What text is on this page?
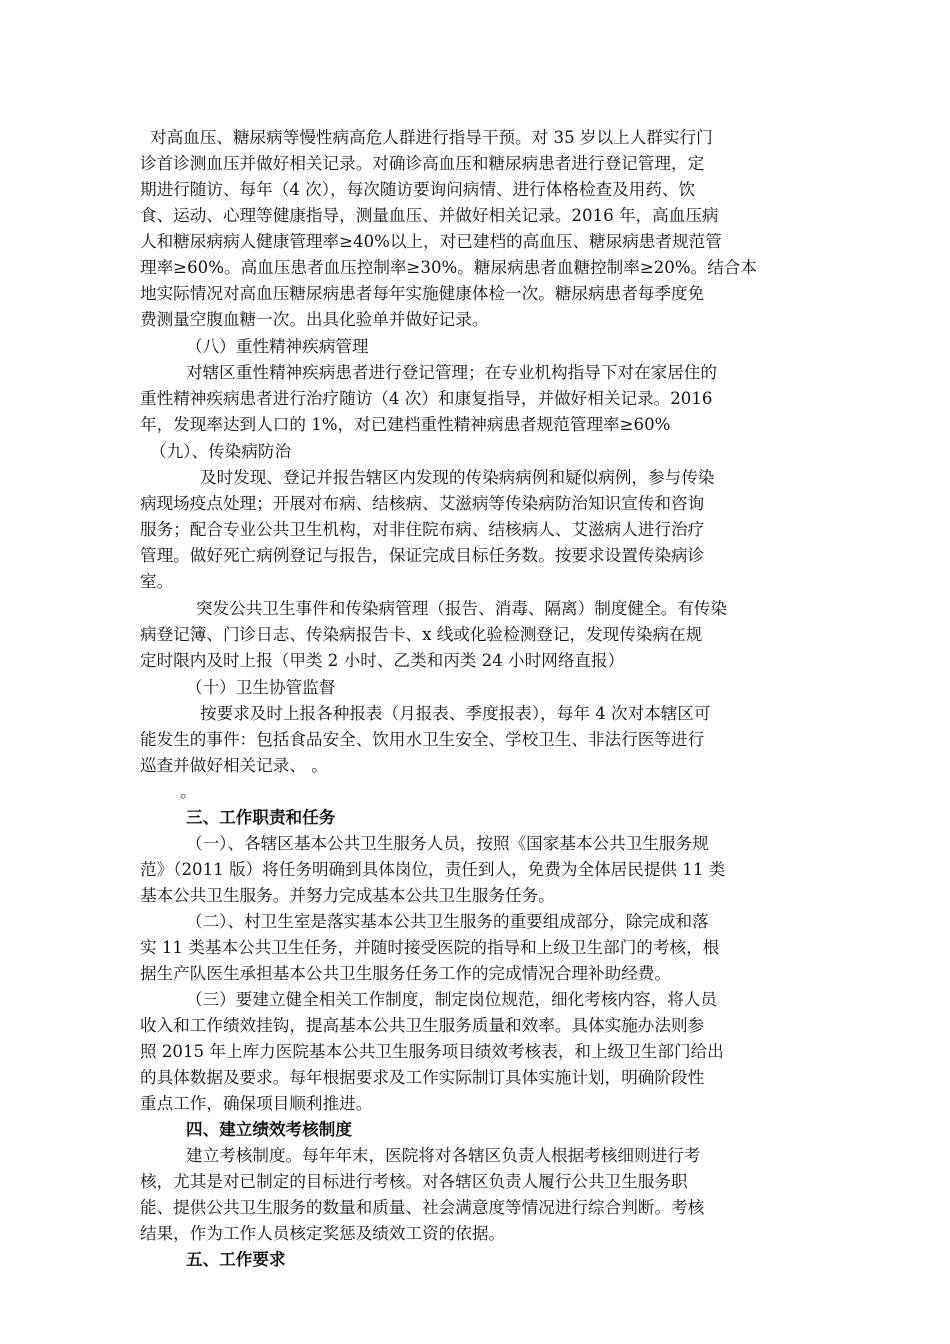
对高血压、糖尿病等慢性病高危人群进行指导干预。对 35 岁以上人群实行门
诊首诊测血压并做好相关记录。对确诊高血压和糖尿病患者进行登记管理，定
期进行随访、每年（4 次），每次随访要询问病情、进行体格检查及用药、饮
食、运动、心理等健康指导，测量血压、并做好相关记录。2016 年，高血压病
人和糖尿病病人健康管理率≥40%以上，对已建档的高血压、糖尿病患者规范管
理率≥60%。高血压患者血压控制率≥30%。糖尿病患者血糖控制率≥20%。结合本
地实际情况对高血压糖尿病患者每年实施健康体检一次。糖尿病患者每季度免
费测量空腹血糖一次。出具化验单并做好记录。
（八）重性精神疾病管理
对辖区重性精神疾病患者进行登记管理；在专业机构指导下对在家居住的
重性精神疾病患者进行治疗随访（4 次）和康复指导，并做好相关记录。2016
年，发现率达到人口的 1%，对已建档重性精神病患者规范管理率≥60%
（九）、传染病防治
及时发现、登记并报告辖区内发现的传染病病例和疑似病例，参与传染
病现场疫点处理；开展对布病、结核病、艾滋病等传染病防治知识宣传和咨询
服务；配合专业公共卫生机构，对非住院布病、结核病人、艾滋病人进行治疗
管理。做好死亡病例登记与报告，保证完成目标任务数。按要求设置传染病诊
室。
突发公共卫生事件和传染病管理（报告、消毒、隔离）制度健全。有传染
病登记簿、门诊日志、传染病报告卡、x 线或化验检测登记，发现传染病在规
定时限内及时上报（甲类 2 小时、乙类和丙类 24 小时网络直报）
（十）卫生协管监督
按要求及时上报各种报表（月报表、季度报表），每年 4 次对本辖区可
能发生的事件：包括食品安全、饮用水卫生安全、学校卫生、非法行医等进行
巡查并做好相关记录、 。
。
三、工作职责和任务
（一）、各辖区基本公共卫生服务人员，按照《国家基本公共卫生服务规
范》（2011 版）将任务明确到具体岗位，责任到人，免费为全体居民提供 11 类
基本公共卫生服务。并努力完成基本公共卫生服务任务。
（二）、村卫生室是落实基本公共卫生服务的重要组成部分，除完成和落
实 11 类基本公共卫生任务，并随时接受医院的指导和上级卫生部门的考核，根
据生产队医生承担基本公共卫生服务任务工作的完成情况合理补助经费。
（三）要建立健全相关工作制度，制定岗位规范，细化考核内容，将人员
收入和工作绩效挂钩，提高基本公共卫生服务质量和效率。具体实施办法则参
照 2015 年上库力医院基本公共卫生服务项目绩效考核表，和上级卫生部门给出
的具体数据及要求。每年根据要求及工作实际制订具体实施计划，明确阶段性
重点工作，确保项目顺利推进。
四、建立绩效考核制度
建立考核制度。每年年末，医院将对各辖区负责人根据考核细则进行考
核，尤其是对已制定的目标进行考核。对各辖区负责人履行公共卫生服务职
能、提供公共卫生服务的数量和质量、社会满意度等情况进行综合判断。考核
结果，作为工作人员核定奖惩及绩效工资的依据。
五、工作要求
